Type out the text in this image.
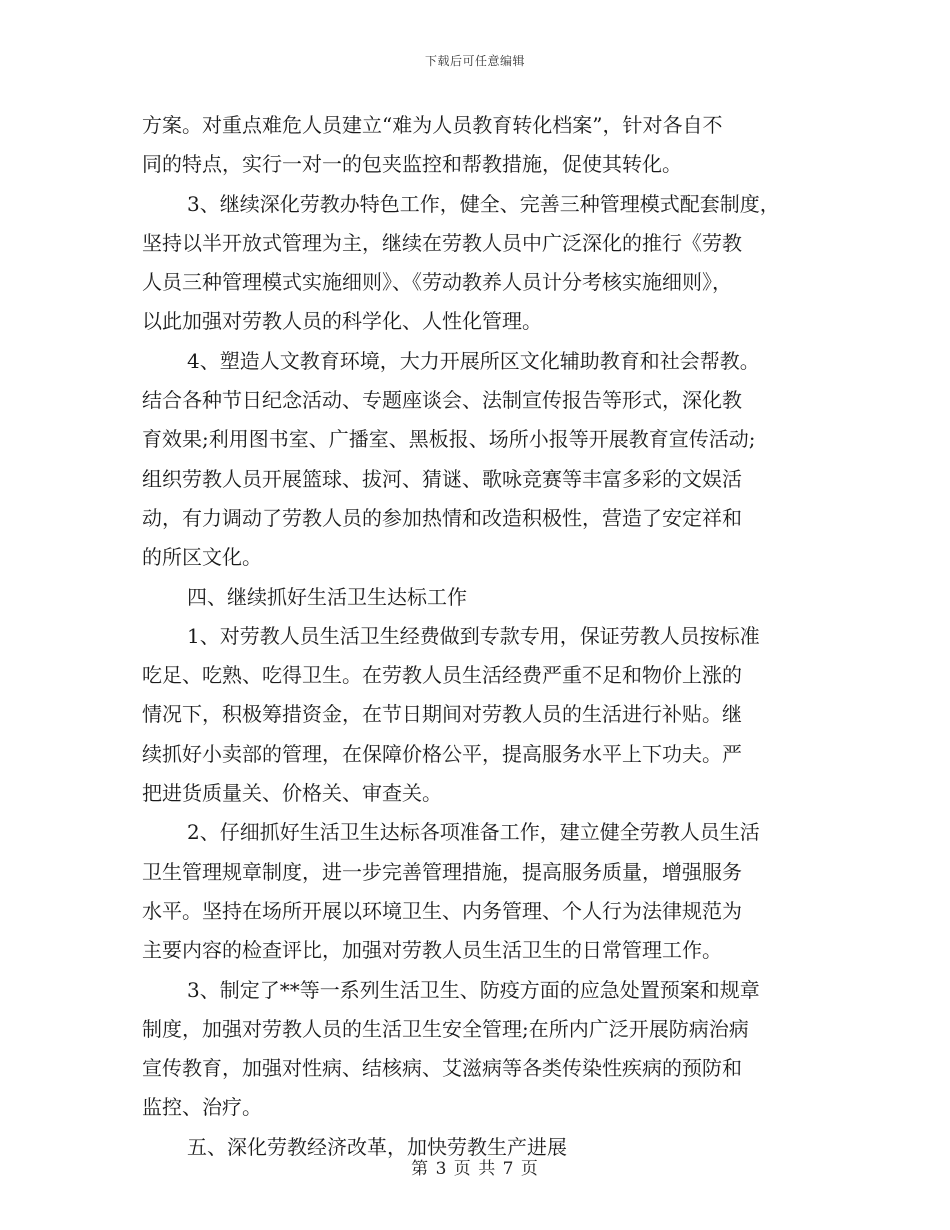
下载后可任意编辑
方案。对重点难危人员建立“难为人员教育转化档案”，针对各自不
同的特点，实行一对一的包夹监控和帮教措施，促使其转化。
3、继续深化劳教办特色工作，健全、完善三种管理模式配套制度，
坚持以半开放式管理为主，继续在劳教人员中广泛深化的推行《劳教
人员三种管理模式实施细则》、《劳动教养人员计分考核实施细则》，
以此加强对劳教人员的科学化、人性化管理。
4、塑造人文教育环境，大力开展所区文化辅助教育和社会帮教。
结合各种节日纪念活动、专题座谈会、法制宣传报告等形式，深化教
育效果;利用图书室、广播室、黑板报、场所小报等开展教育宣传活动;
组织劳教人员开展篮球、拔河、猜谜、歌咏竞赛等丰富多彩的文娱活
动，有力调动了劳教人员的参加热情和改造积极性，营造了安定祥和
的所区文化。
四、继续抓好生活卫生达标工作
1、对劳教人员生活卫生经费做到专款专用，保证劳教人员按标准
吃足、吃熟、吃得卫生。在劳教人员生活经费严重不足和物价上涨的
情况下，积极筹措资金，在节日期间对劳教人员的生活进行补贴。继
续抓好小卖部的管理，在保障价格公平，提高服务水平上下功夫。严
把进货质量关、价格关、审查关。
2、仔细抓好生活卫生达标各项准备工作，建立健全劳教人员生活
卫生管理规章制度，进一步完善管理措施，提高服务质量，增强服务
水平。坚持在场所开展以环境卫生、内务管理、个人行为法律规范为
主要内容的检查评比，加强对劳教人员生活卫生的日常管理工作。
3、制定了**等一系列生活卫生、防疫方面的应急处置预案和规章
制度，加强对劳教人员的生活卫生安全管理;在所内广泛开展防病治病
宣传教育，加强对性病、结核病、艾滋病等各类传染性疾病的预防和
监控、治疗。
五、深化劳教经济改革，加快劳教生产进展
第 3 页 共 7 页
